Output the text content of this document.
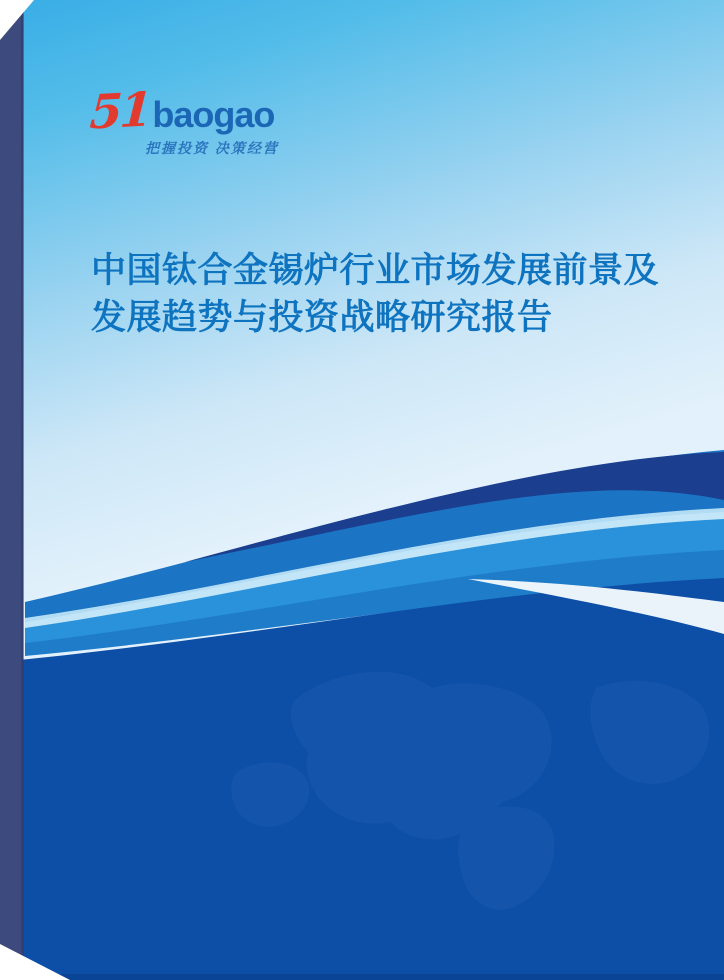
51 baogao
把握投资 决策经营
中国钛合金锡炉行业市场发展前景及
发展趋势与投资战略研究报告
